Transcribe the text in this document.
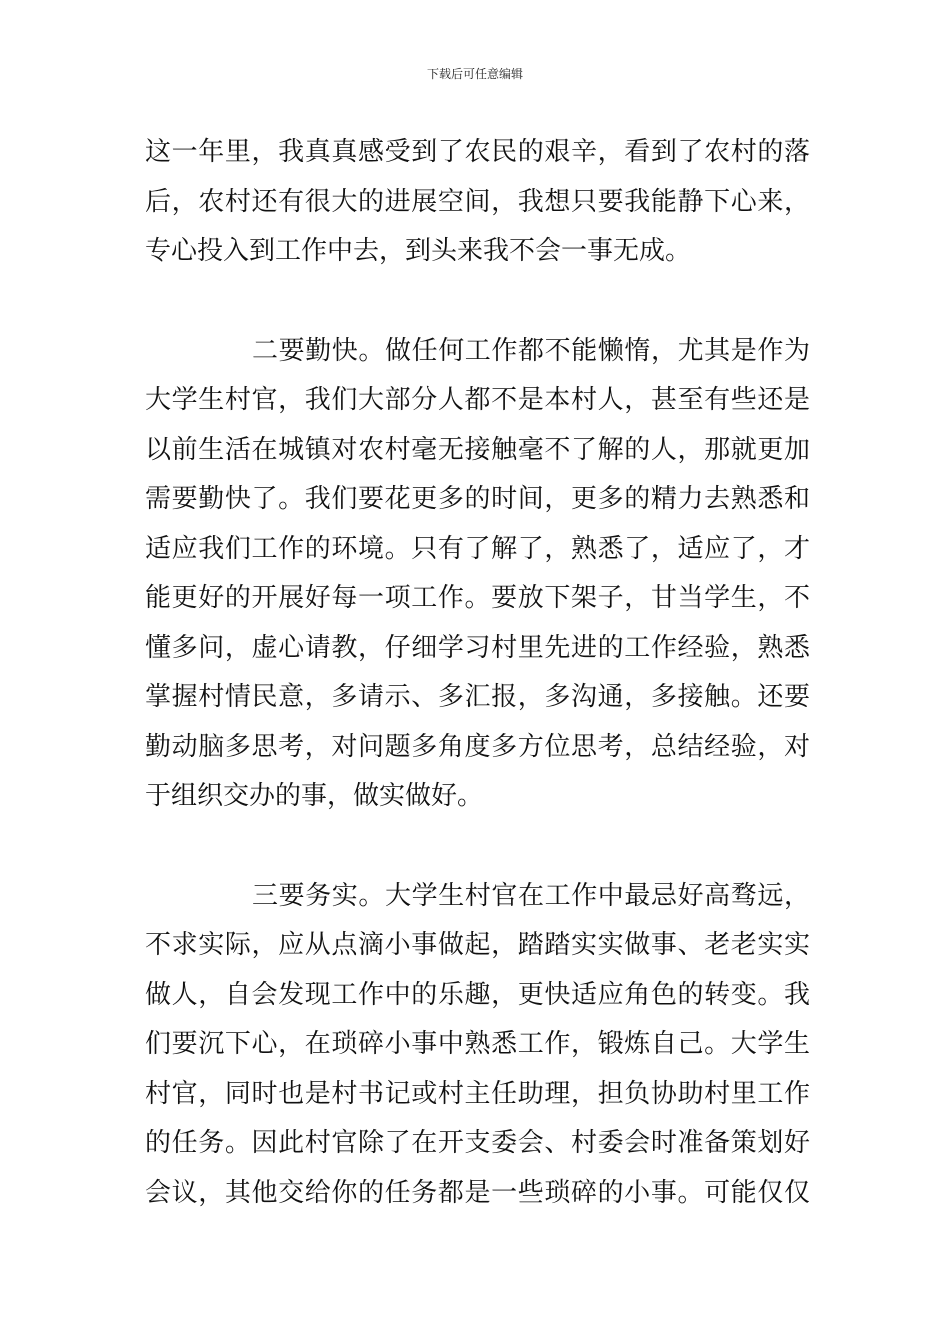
下载后可任意编辑
这一年里，我真真感受到了农民的艰辛，看到了农村的落
后，农村还有很大的进展空间，我想只要我能静下心来，
专心投入到工作中去，到头来我不会一事无成。
二要勤快。做任何工作都不能懒惰，尤其是作为
大学生村官，我们大部分人都不是本村人，甚至有些还是
以前生活在城镇对农村毫无接触毫不了解的人，那就更加
需要勤快了。我们要花更多的时间，更多的精力去熟悉和
适应我们工作的环境。只有了解了，熟悉了，适应了，才
能更好的开展好每一项工作。要放下架子，甘当学生，不
懂多问，虚心请教，仔细学习村里先进的工作经验，熟悉
掌握村情民意，多请示、多汇报，多沟通，多接触。还要
勤动脑多思考，对问题多角度多方位思考，总结经验，对
于组织交办的事，做实做好。
三要务实。大学生村官在工作中最忌好高骛远，
不求实际，应从点滴小事做起，踏踏实实做事、老老实实
做人，自会发现工作中的乐趣，更快适应角色的转变。我
们要沉下心，在琐碎小事中熟悉工作，锻炼自己。大学生
村官，同时也是村书记或村主任助理，担负协助村里工作
的任务。因此村官除了在开支委会、村委会时准备策划好
会议，其他交给你的任务都是一些琐碎的小事。可能仅仅
